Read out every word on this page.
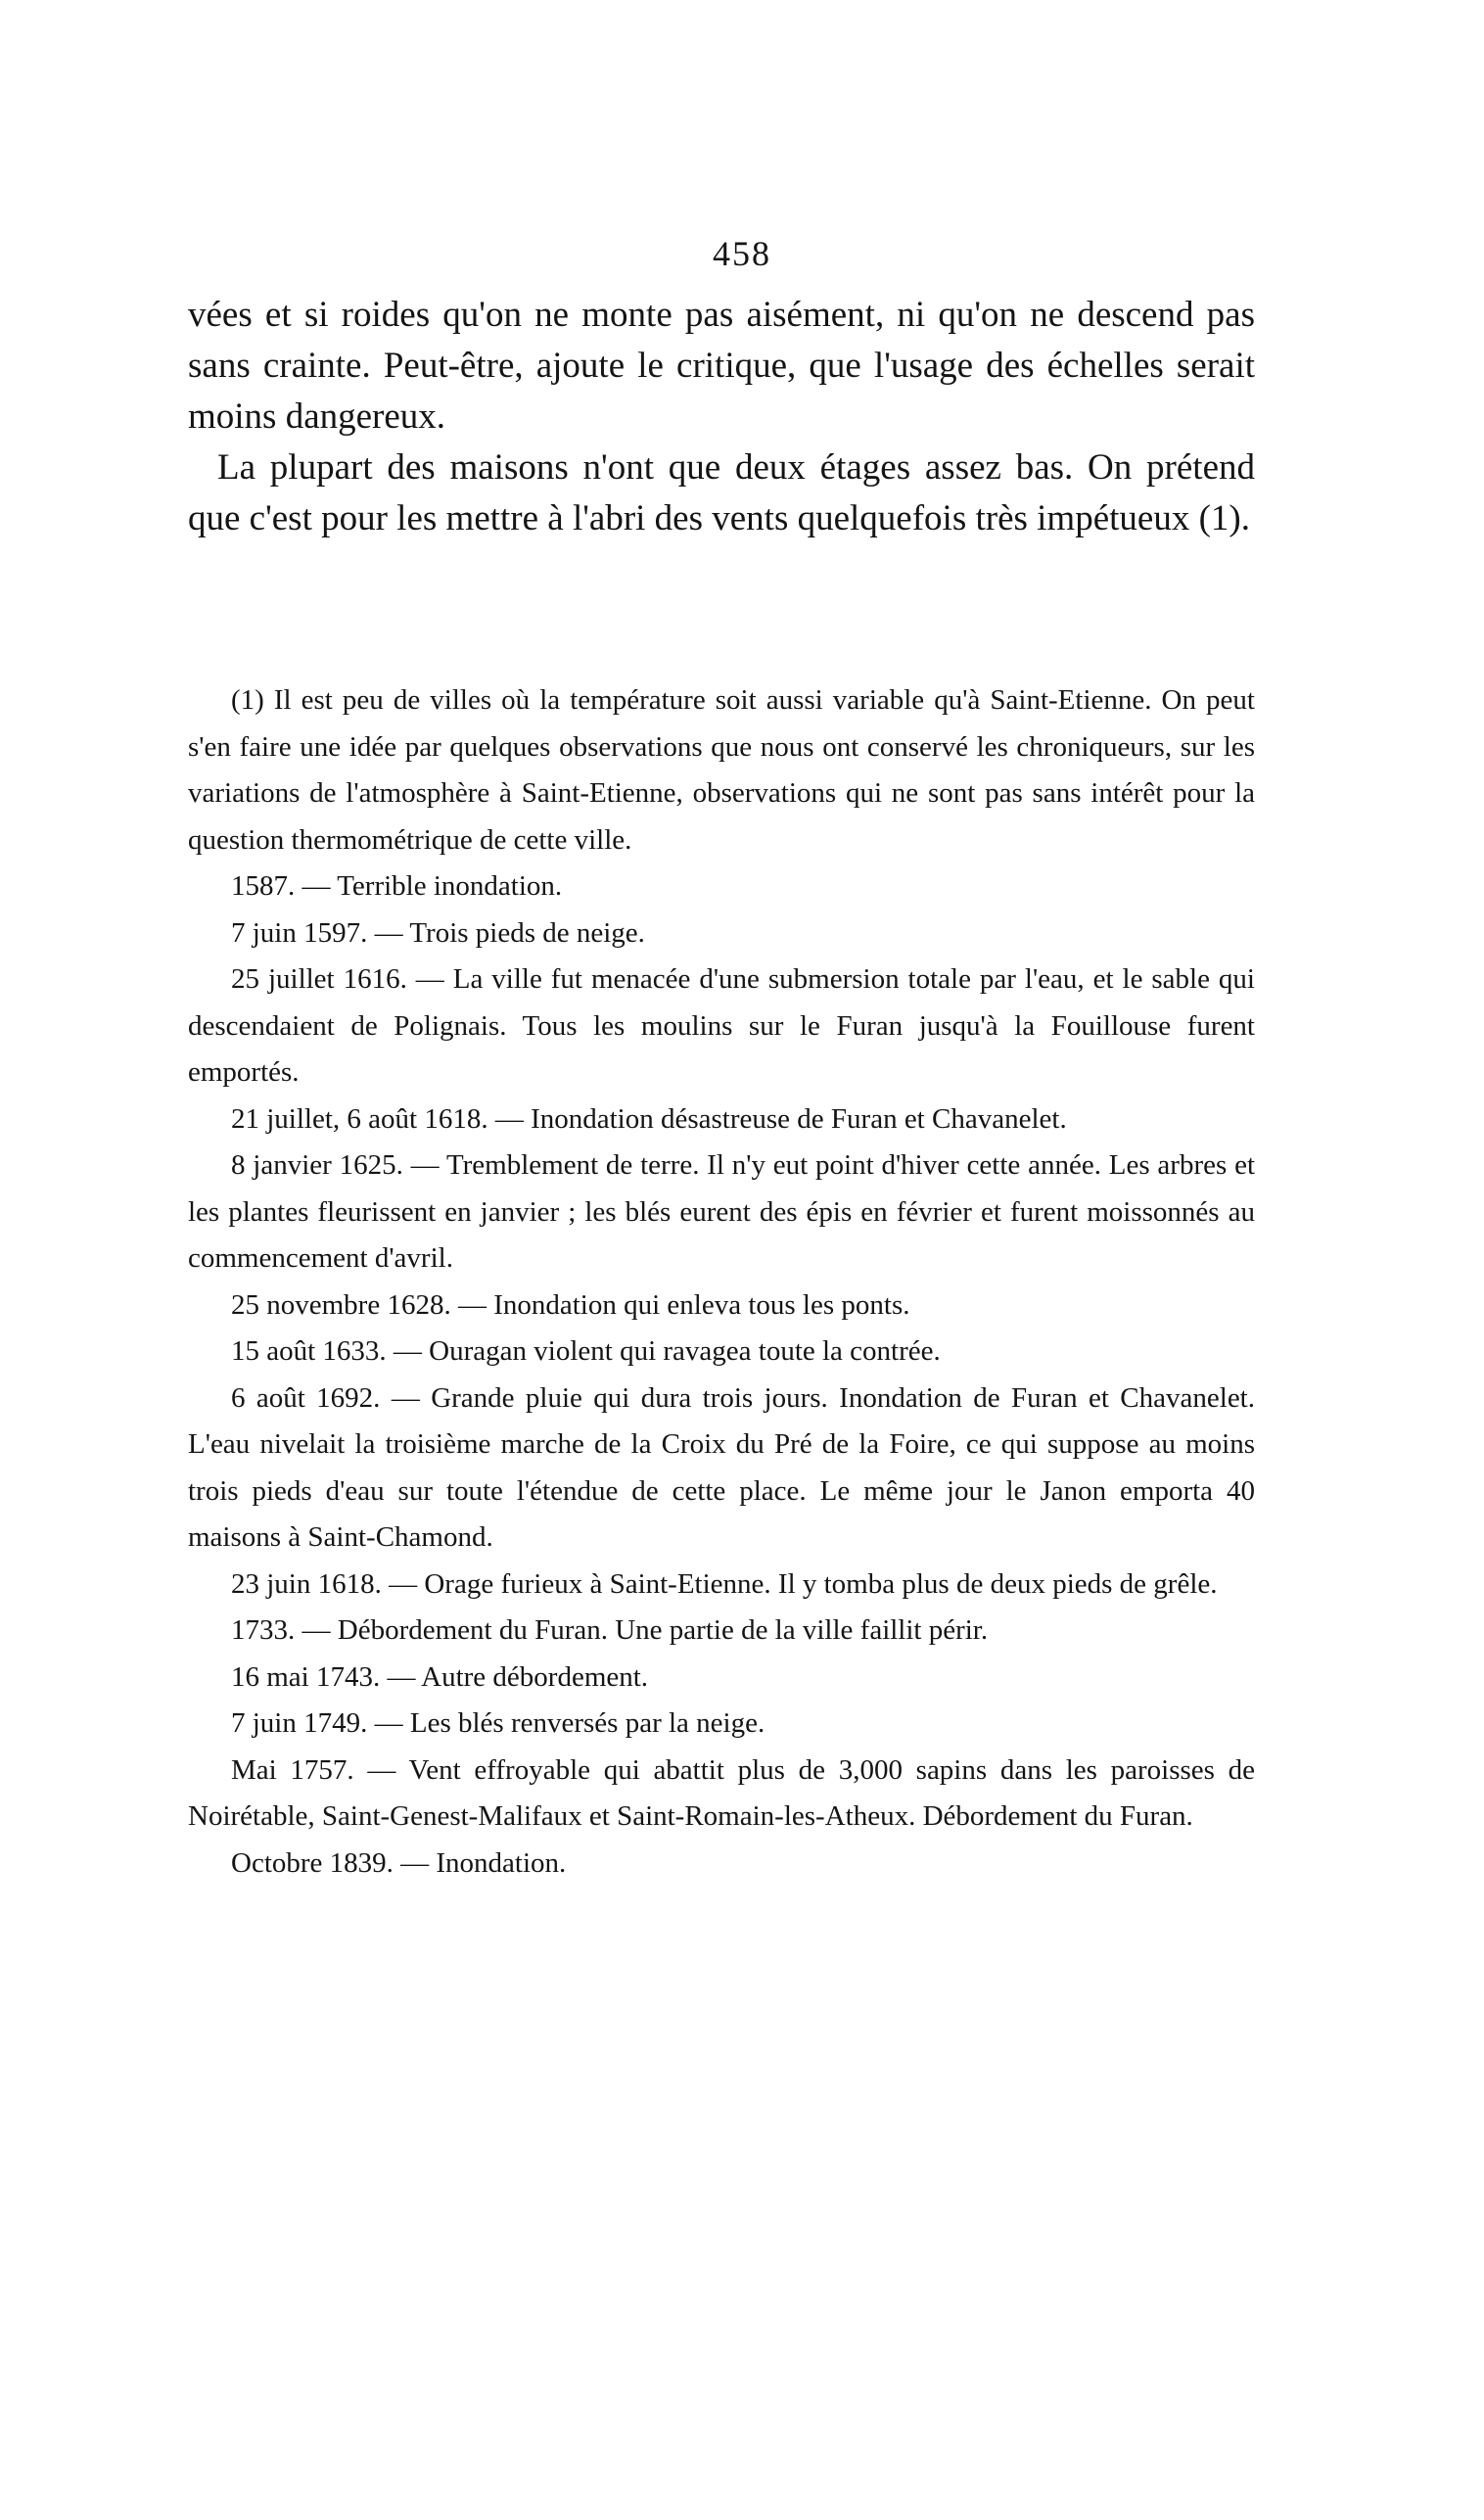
458

vées et si roides qu'on ne monte pas aisément, ni qu'on ne descend pas sans crainte. Peut-être, ajoute le critique, que l'usage des échelles serait moins dangereux.

La plupart des maisons n'ont que deux étages assez bas. On prétend que c'est pour les mettre à l'abri des vents quelquefois très impétueux (1).

(1) Il est peu de villes où la température soit aussi variable qu'à Saint-Etienne. On peut s'en faire une idée par quelques observations que nous ont conservé les chroniqueurs, sur les variations de l'atmosphère à Saint-Etienne, observations qui ne sont pas sans intérêt pour la question thermométrique de cette ville.

1587. — Terrible inondation.

7 juin 1597. — Trois pieds de neige.

25 juillet 1616. — La ville fut menacée d'une submersion totale par l'eau, et le sable qui descendaient de Polignais. Tous les moulins sur le Furan jusqu'à la Fouillouse furent emportés.

21 juillet, 6 août 1618. — Inondation désastreuse de Furan et Chavanelet.

8 janvier 1625. — Tremblement de terre. Il n'y eut point d'hiver cette année. Les arbres et les plantes fleurissent en janvier ; les blés eurent des épis en février et furent moissonnés au commencement d'avril.

25 novembre 1628. — Inondation qui enleva tous les ponts.

15 août 1633. — Ouragan violent qui ravagea toute la contrée.

6 août 1692. — Grande pluie qui dura trois jours. Inondation de Furan et Chavanelet. L'eau nivelait la troisième marche de la Croix du Pré de la Foire, ce qui suppose au moins trois pieds d'eau sur toute l'étendue de cette place. Le même jour le Janon emporta 40 maisons à Saint-Chamond.

23 juin 1618. — Orage furieux à Saint-Etienne. Il y tomba plus de deux pieds de grêle.

1733. — Débordement du Furan. Une partie de la ville faillit périr.

16 mai 1743. — Autre débordement.

7 juin 1749. — Les blés renversés par la neige.

Mai 1757. — Vent effroyable qui abattit plus de 3,000 sapins dans les paroisses de Noirétable, Saint-Genest-Malifaux et Saint-Romain-les-Atheux. Débordement du Furan.

Octobre 1839. — Inondation.
